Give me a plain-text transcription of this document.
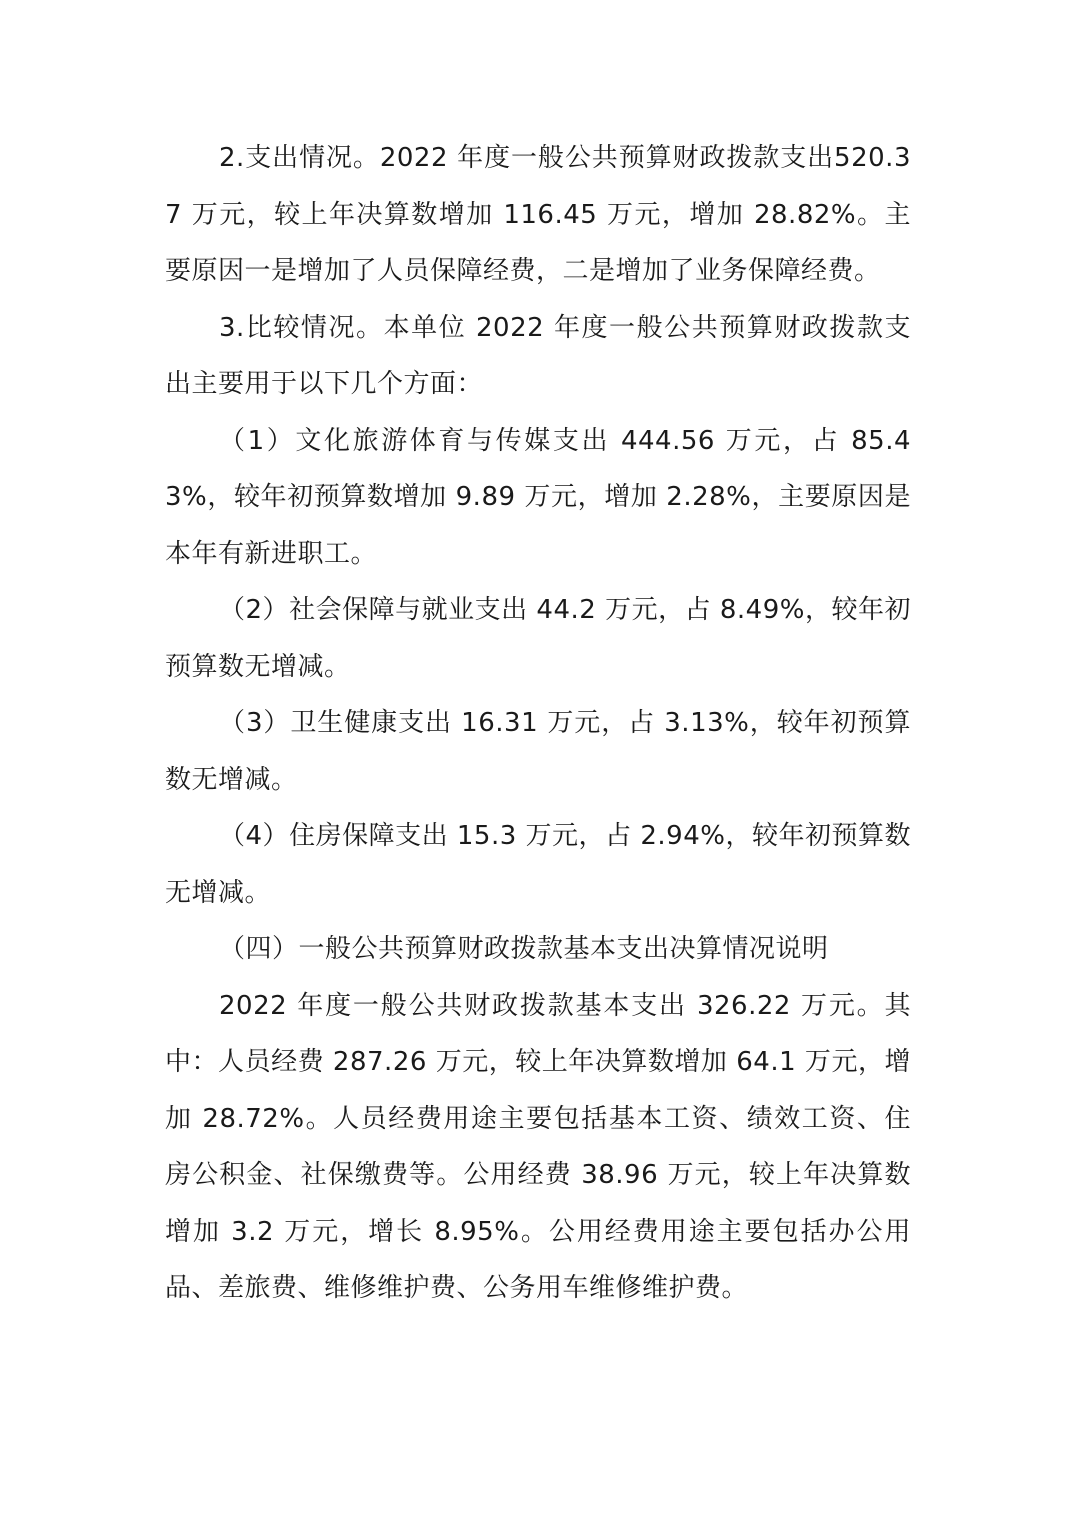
2.支出情况。2022 年度一般公共预算财政拨款支出520.37 万元，较上年决算数增加 116.45 万元，增加 28.82%。主要原因一是增加了人员保障经费，二是增加了业务保障经费。

3.比较情况。本单位 2022 年度一般公共预算财政拨款支出主要用于以下几个方面：

（1）文化旅游体育与传媒支出 444.56 万元，占 85.43%，较年初预算数增加 9.89 万元，增加 2.28%，主要原因是本年有新进职工。

（2）社会保障与就业支出 44.2 万元，占 8.49%，较年初预算数无增减。

（3）卫生健康支出 16.31 万元，占 3.13%，较年初预算数无增减。

（4）住房保障支出 15.3 万元，占 2.94%，较年初预算数无增减。

（四）一般公共预算财政拨款基本支出决算情况说明

2022 年度一般公共财政拨款基本支出 326.22 万元。其中：人员经费 287.26 万元，较上年决算数增加 64.1 万元，增加 28.72%。人员经费用途主要包括基本工资、绩效工资、住房公积金、社保缴费等。公用经费 38.96 万元，较上年决算数增加 3.2 万元，增长 8.95%。公用经费用途主要包括办公用品、差旅费、维修维护费、公务用车维修维护费。
